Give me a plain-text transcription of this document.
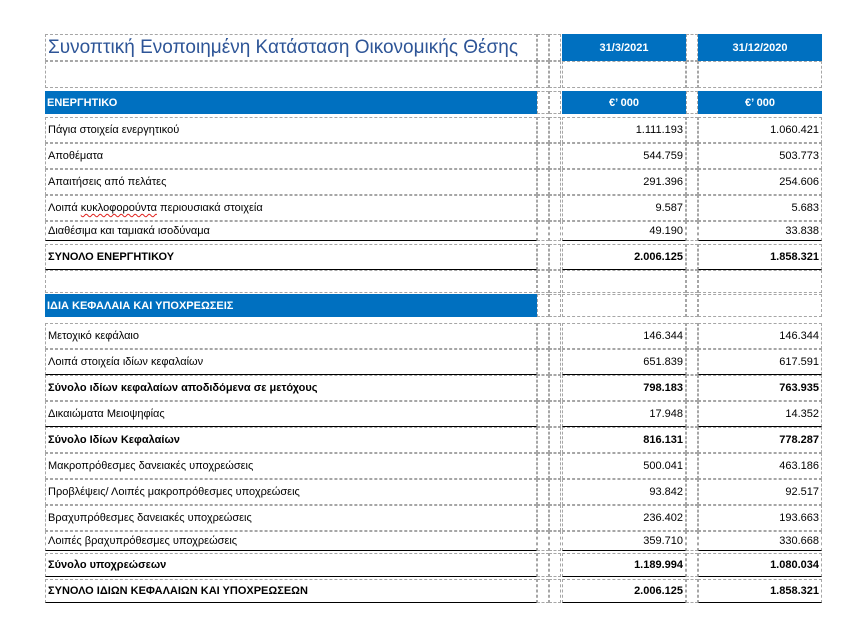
Συνοπτική Ενοποιημένη Κατάσταση Οικονομικής Θέσης	31/3/2021	31/12/2020
ΕΝΕΡΓΗΤΙΚΟ	€’ 000	€’ 000
Πάγια στοιχεία ενεργητικού	1.111.193	1.060.421
Αποθέματα	544.759	503.773
Απαιτήσεις από πελάτες	291.396	254.606
Λοιπά κυκλοφορούντα περιουσιακά στοιχεία	9.587	5.683
Διαθέσιμα και ταμιακά ισοδύναμα	49.190	33.838
ΣΥΝΟΛΟ ΕΝΕΡΓΗΤΙΚΟΥ	2.006.125	1.858.321
ΙΔΙΑ ΚΕΦΑΛΑΙΑ ΚΑΙ ΥΠΟΧΡΕΩΣΕΙΣ
Μετοχικό κεφάλαιο	146.344	146.344
Λοιπά στοιχεία ιδίων κεφαλαίων	651.839	617.591
Σύνολο ιδίων κεφαλαίων αποδιδόμενα σε μετόχους	798.183	763.935
Δικαιώματα Μειοψηφίας	17.948	14.352
Σύνολο Ιδίων Κεφαλαίων	816.131	778.287
Μακροπρόθεσμες δανειακές υποχρεώσεις	500.041	463.186
Προβλέψεις/ Λοιπές μακροπρόθεσμες υποχρεώσεις	93.842	92.517
Βραχυπρόθεσμες δανειακές υποχρεώσεις	236.402	193.663
Λοιπές βραχυπρόθεσμες υποχρεώσεις	359.710	330.668
Σύνολο υποχρεώσεων	1.189.994	1.080.034
ΣΥΝΟΛΟ ΙΔΙΩΝ ΚΕΦΑΛΑΙΩΝ ΚΑΙ ΥΠΟΧΡΕΩΣΕΩΝ	2.006.125	1.858.321
